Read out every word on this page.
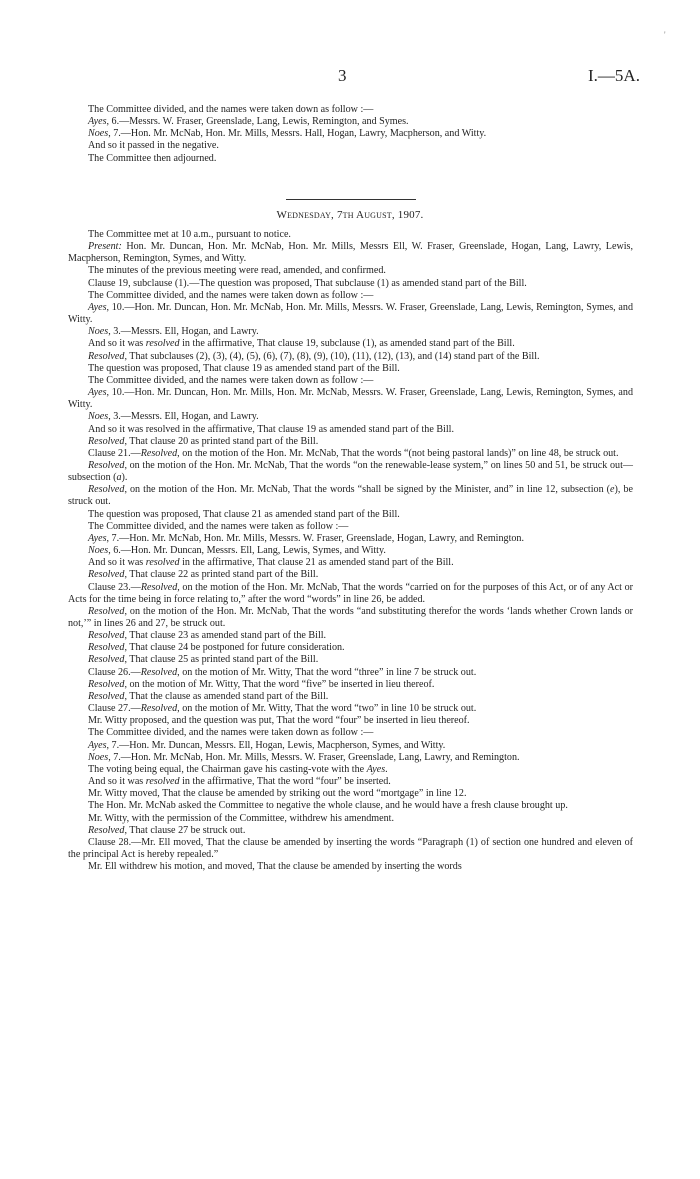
'
3	I.—5A.

The Committee divided, and the names were taken down as follow :—

Ayes, 6.—Messrs. W. Fraser, Greenslade, Lang, Lewis, Remington, and Symes.

Noes, 7.—Hon. Mr. McNab, Hon. Mr. Mills, Messrs. Hall, Hogan, Lawry, Macpherson, and Witty.

And so it passed in the negative.

The Committee then adjourned.

Wednesday, 7th August, 1907.

The Committee met at 10 a.m., pursuant to notice.

Present: Hon. Mr. Duncan, Hon. Mr. McNab, Hon. Mr. Mills, Messrs Ell, W. Fraser, Greenslade, Hogan, Lang, Lawry, Lewis, Macpherson, Remington, Symes, and Witty.

The minutes of the previous meeting were read, amended, and confirmed.

Clause 19, subclause (1).—The question was proposed, That subclause (1) as amended stand part of the Bill.

The Committee divided, and the names were taken down as follow :—

Ayes, 10.—Hon. Mr. Duncan, Hon. Mr. McNab, Hon. Mr. Mills, Messrs. W. Fraser, Greenslade, Lang, Lewis, Remington, Symes, and Witty.

Noes, 3.—Messrs. Ell, Hogan, and Lawry.

And so it was resolved in the affirmative, That clause 19, subclause (1), as amended stand part of the Bill.

Resolved, That subclauses (2), (3), (4), (5), (6), (7), (8), (9), (10), (11), (12), (13), and (14) stand part of the Bill.

The question was proposed, That clause 19 as amended stand part of the Bill.

The Committee divided, and the names were taken down as follow :—

Ayes, 10.—Hon. Mr. Duncan, Hon. Mr. Mills, Hon. Mr. McNab, Messrs. W. Fraser, Greenslade, Lang, Lewis, Remington, Symes, and Witty.

Noes, 3.—Messrs. Ell, Hogan, and Lawry.

And so it was resolved in the affirmative, That clause 19 as amended stand part of the Bill.

Resolved, That clause 20 as printed stand part of the Bill.

Clause 21.—Resolved, on the motion of the Hon. Mr. McNab, That the words “(not being pastoral lands)” on line 48, be struck out.

Resolved, on the motion of the Hon. Mr. McNab, That the words “on the renewable-lease system,” on lines 50 and 51, be struck out—subsection (a).

Resolved, on the motion of the Hon. Mr. McNab, That the words “shall be signed by the Minister, and” in line 12, subsection (e), be struck out.

The question was proposed, That clause 21 as amended stand part of the Bill.

The Committee divided, and the names were taken as follow :—

Ayes, 7.—Hon. Mr. McNab, Hon. Mr. Mills, Messrs. W. Fraser, Greenslade, Hogan, Lawry, and Remington.

Noes, 6.—Hon. Mr. Duncan, Messrs. Ell, Lang, Lewis, Symes, and Witty.

And so it was resolved in the affirmative, That clause 21 as amended stand part of the Bill.

Resolved, That clause 22 as printed stand part of the Bill.

Clause 23.—Resolved, on the motion of the Hon. Mr. McNab, That the words “carried on for the purposes of this Act, or of any Act or Acts for the time being in force relating to,” after the word “words” in line 26, be added.

Resolved, on the motion of the Hon. Mr. McNab, That the words “and substituting therefor the words ‘lands whether Crown lands or not,’” in lines 26 and 27, be struck out.

Resolved, That clause 23 as amended stand part of the Bill.

Resolved, That clause 24 be postponed for future consideration.

Resolved, That clause 25 as printed stand part of the Bill.

Clause 26.—Resolved, on the motion of Mr. Witty, That the word “three” in line 7 be struck out.

Resolved, on the motion of Mr. Witty, That the word “five” be inserted in lieu thereof.

Resolved, That the clause as amended stand part of the Bill.

Clause 27.—Resolved, on the motion of Mr. Witty, That the word “two” in line 10 be struck out.

Mr. Witty proposed, and the question was put, That the word “four” be inserted in lieu thereof.

The Committee divided, and the names were taken down as follow :—

Ayes, 7.—Hon. Mr. Duncan, Messrs. Ell, Hogan, Lewis, Macpherson, Symes, and Witty.

Noes, 7.—Hon. Mr. McNab, Hon. Mr. Mills, Messrs. W. Fraser, Greenslade, Lang, Lawry, and Remington.

The voting being equal, the Chairman gave his casting-vote with the Ayes.

And so it was resolved in the affirmative, That the word “four” be inserted.

Mr. Witty moved, That the clause be amended by striking out the word “mortgage” in line 12.

The Hon. Mr. McNab asked the Committee to negative the whole clause, and he would have a fresh clause brought up.

Mr. Witty, with the permission of the Committee, withdrew his amendment.

Resolved, That clause 27 be struck out.

Clause 28.—Mr. Ell moved, That the clause be amended by inserting the words “Paragraph (1) of section one hundred and eleven of the principal Act is hereby repealed.”

Mr. Ell withdrew his motion, and moved, That the clause be amended by inserting the words
